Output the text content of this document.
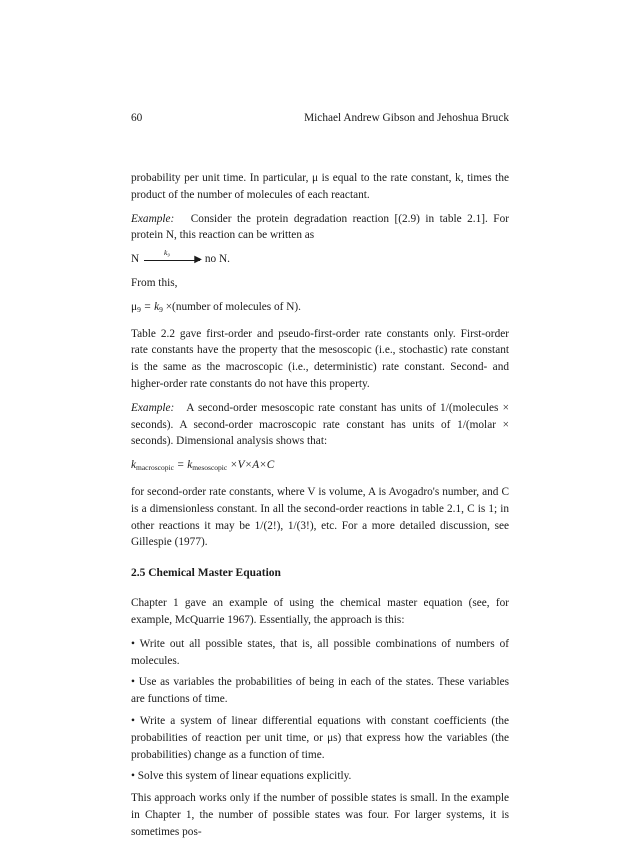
60	Michael Andrew Gibson and Jehoshua Bruck

probability per unit time. In particular, μ is equal to the rate constant, k, times the product of the number of molecules of each reactant.

Example: Consider the protein degradation reaction [(2.9) in table 2.1]. For protein N, this reaction can be written as

N
k₉
▶ no N.

From this,

$\mu_9 = k_9$ ×(number of molecules of N).

Table 2.2 gave first-order and pseudo-first-order rate constants only. First-order rate constants have the property that the mesoscopic (i.e., stochastic) rate constant is the same as the macroscopic (i.e., deterministic) rate constant. Second- and higher-order rate constants do not have this property.

Example: A second-order mesoscopic rate constant has units of 1/(molecules × seconds). A second-order macroscopic rate constant has units of 1/(molar × seconds). Dimensional analysis shows that:

$k_{macroscopic} = k_{mesoscopic} \times V\times A\times C$

for second-order rate constants, where V is volume, A is Avogadro's number, and C is a dimensionless constant. In all the second-order reactions in table 2.1, C is 1; in other reactions it may be 1/(2!), 1/(3!), etc. For a more detailed discussion, see Gillespie (1977).

2.5 Chemical Master Equation

Chapter 1 gave an example of using the chemical master equation (see, for example, McQuarrie 1967). Essentially, the approach is this:

• Write out all possible states, that is, all possible combinations of numbers of molecules.

• Use as variables the probabilities of being in each of the states. These variables are functions of time.

• Write a system of linear differential equations with constant coefficients (the probabilities of reaction per unit time, or μs) that express how the variables (the probabilities) change as a function of time.

• Solve this system of linear equations explicitly.

This approach works only if the number of possible states is small. In the example in Chapter 1, the number of possible states was four. For larger systems, it is sometimes pos-
